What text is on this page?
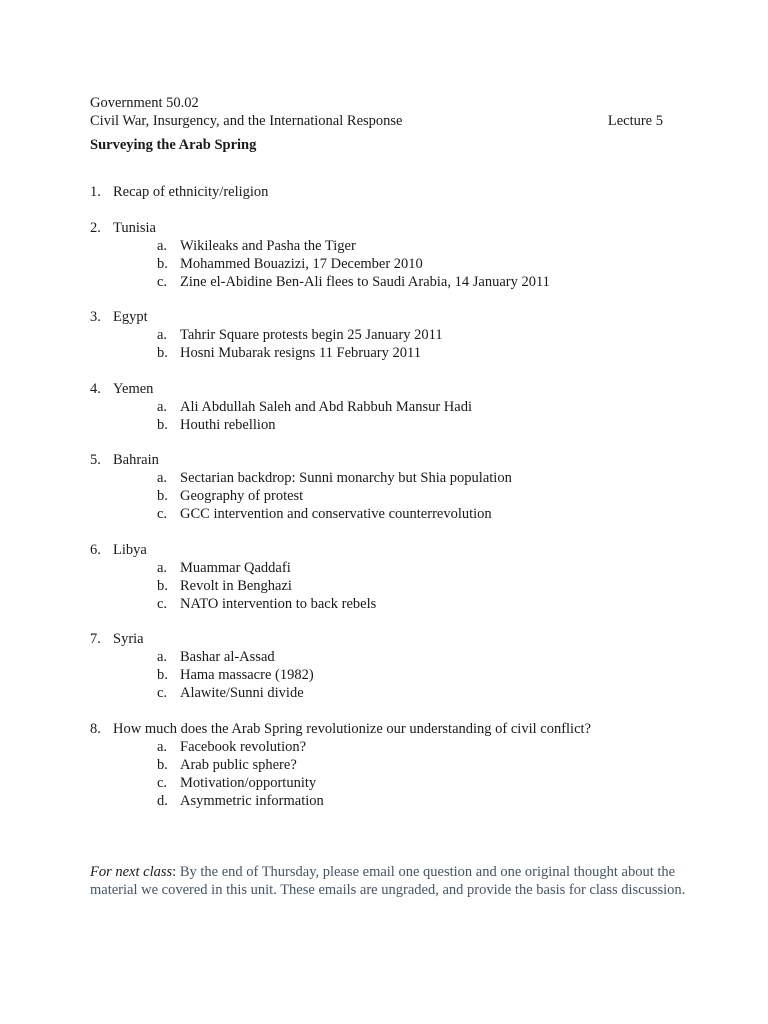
Government 50.02
Civil War, Insurgency, and the International Response	Lecture 5
Surveying the Arab Spring
1. Recap of ethnicity/religion
2. Tunisia
a. Wikileaks and Pasha the Tiger
b. Mohammed Bouazizi, 17 December 2010
c. Zine el-Abidine Ben-Ali flees to Saudi Arabia, 14 January 2011
3. Egypt
a. Tahrir Square protests begin 25 January 2011
b. Hosni Mubarak resigns 11 February 2011
4. Yemen
a. Ali Abdullah Saleh and Abd Rabbuh Mansur Hadi
b. Houthi rebellion
5. Bahrain
a. Sectarian backdrop: Sunni monarchy but Shia population
b. Geography of protest
c. GCC intervention and conservative counterrevolution
6. Libya
a. Muammar Qaddafi
b. Revolt in Benghazi
c. NATO intervention to back rebels
7. Syria
a. Bashar al-Assad
b. Hama massacre (1982)
c. Alawite/Sunni divide
8. How much does the Arab Spring revolutionize our understanding of civil conflict?
a. Facebook revolution?
b. Arab public sphere?
c. Motivation/opportunity
d. Asymmetric information
For next class: By the end of Thursday, please email one question and one original thought about the material we covered in this unit. These emails are ungraded, and provide the basis for class discussion.
